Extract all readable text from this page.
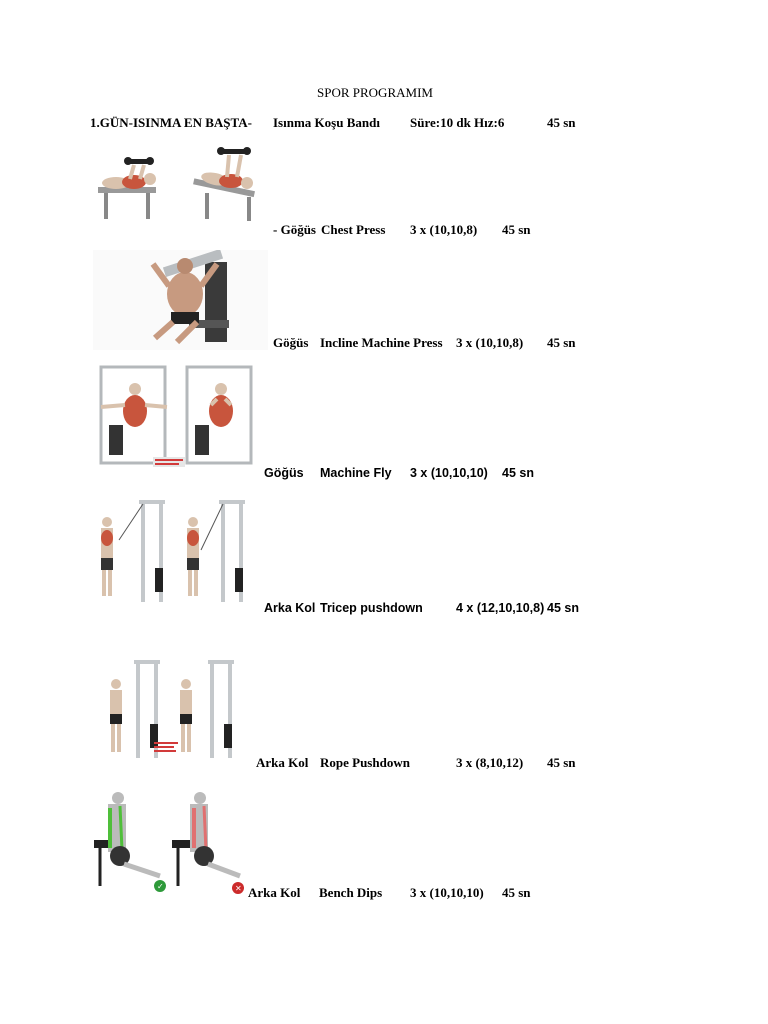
SPOR PROGRAMIM
1.GÜN-ISINMA EN BAŞTA- Isınma Koşu Bandı Süre:10 dk Hız:6	45 sn
- Göğüs Chest Press 3 x (10,10,8) 45 sn
Göğüs Incline Machine Press 3 x (10,10,8) 45 sn
Göğüs Machine Fly 3 x (10,10,10) 45 sn
Arka Kol Tricep pushdown	4 x (12,10,10,8) 45 sn
Arka Kol Rope Pushdown	3 x (8,10,12) 45 sn
✓	✕ Arka Kol Bench Dips 3 x (10,10,10) 45 sn
